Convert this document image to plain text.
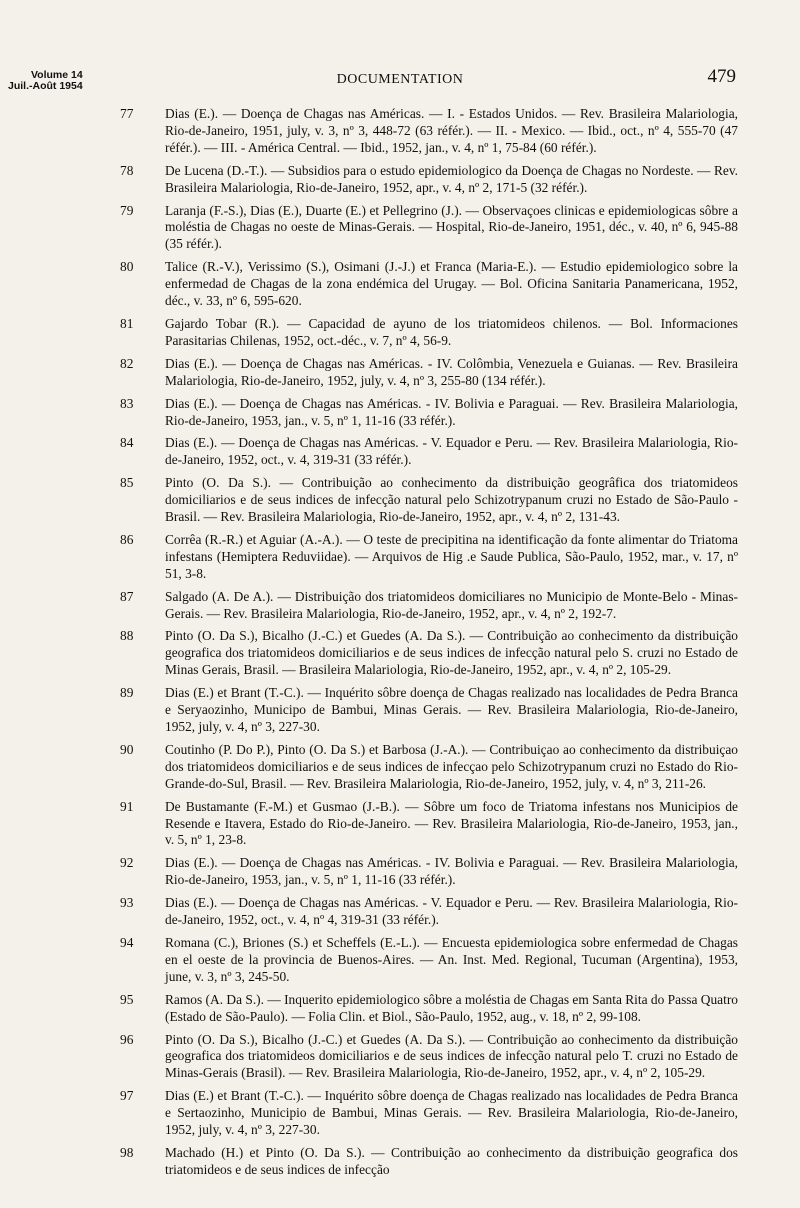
Volume 14
Juil.-Août 1954	DOCUMENTATION	479
77 Dias (E.). — Doença de Chagas nas Américas. — I. - Estados Unidos. — Rev. Brasileira Malariologia, Rio-de-Janeiro, 1951, july, v. 3, nº 3, 448-72 (63 référ.). — II. - Mexico. — Ibid., oct., nº 4, 555-70 (47 référ.). — III. - América Central. — Ibid., 1952, jan., v. 4, nº 1, 75-84 (60 référ.).
78 De Lucena (D.-T.). — Subsidios para o estudo epidemiologico da Doença de Chagas no Nordeste. — Rev. Brasileira Malariologia, Rio-de-Janeiro, 1952, apr., v. 4, nº 2, 171-5 (32 référ.).
79 Laranja (F.-S.), Dias (E.), Duarte (E.) et Pellegrino (J.). — Observaçoes clinicas e epidemiologicas sôbre a moléstia de Chagas no oeste de Minas-Gerais. — Hospital, Rio-de-Janeiro, 1951, déc., v. 40, nº 6, 945-88 (35 référ.).
80 Talice (R.-V.), Verissimo (S.), Osimani (J.-J.) et Franca (Maria-E.). — Estudio epidemiologico sobre la enfermedad de Chagas de la zona endémica del Urugay. — Bol. Oficina Sanitaria Panamericana, 1952, déc., v. 33, nº 6, 595-620.
81 Gajardo Tobar (R.). — Capacidad de ayuno de los triatomideos chilenos. — Bol. Informaciones Parasitarias Chilenas, 1952, oct.-déc., v. 7, nº 4, 56-9.
82 Dias (E.). — Doença de Chagas nas Américas. - IV. Colômbia, Venezuela e Guianas. — Rev. Brasileira Malariologia, Rio-de-Janeiro, 1952, july, v. 4, nº 3, 255-80 (134 référ.).
83 Dias (E.). — Doença de Chagas nas Américas. - IV. Bolivia e Paraguai. — Rev. Brasileira Malariologia, Rio-de-Janeiro, 1953, jan., v. 5, nº 1, 11-16 (33 référ.).
84 Dias (E.). — Doença de Chagas nas Américas. - V. Equador e Peru. — Rev. Brasileira Malariologia, Rio-de-Janeiro, 1952, oct., v. 4, 319-31 (33 référ.).
85 Pinto (O. Da S.). — Contribuição ao conhecimento da distribuição geogrâfica dos triatomideos domiciliarios e de seus indices de infecção natural pelo Schizotrypanum cruzi no Estado de São-Paulo - Brasil. — Rev. Brasileira Malariologia, Rio-de-Janeiro, 1952, apr., v. 4, nº 2, 131-43.
86 Corrêa (R.-R.) et Aguiar (A.-A.). — O teste de precipitina na identificação da fonte alimentar do Triatoma infestans (Hemiptera Reduviidae). — Arquivos de Hig .e Saude Publica, São-Paulo, 1952, mar., v. 17, nº 51, 3-8.
87 Salgado (A. De A.). — Distribuição dos triatomideos domiciliares no Municipio de Monte-Belo - Minas-Gerais. — Rev. Brasileira Malariologia, Rio-de-Janeiro, 1952, apr., v. 4, nº 2, 192-7.
88 Pinto (O. Da S.), Bicalho (J.-C.) et Guedes (A. Da S.). — Contribuição ao conhecimento da distribuição geografica dos triatomideos domiciliarios e de seus indices de infecção natural pelo S. cruzi no Estado de Minas Gerais, Brasil. — Brasileira Malariologia, Rio-de-Janeiro, 1952, apr., v. 4, nº 2, 105-29.
89 Dias (E.) et Brant (T.-C.). — Inquérito sôbre doença de Chagas realizado nas localidades de Pedra Branca e Seryaozinho, Municipo de Bambui, Minas Gerais. — Rev. Brasileira Malariologia, Rio-de-Janeiro, 1952, july, v. 4, nº 3, 227-30.
90 Coutinho (P. Do P.), Pinto (O. Da S.) et Barbosa (J.-A.). — Contribuiçao ao conhecimento da distribuiçao dos triatomideos domiciliarios e de seus indices de infecçao pelo Schizotrypanum cruzi no Estado do Rio-Grande-do-Sul, Brasil. — Rev. Brasileira Malariologia, Rio-de-Janeiro, 1952, july, v. 4, nº 3, 211-26.
91 De Bustamante (F.-M.) et Gusmao (J.-B.). — Sôbre um foco de Triatoma infestans nos Municipios de Resende e Itavera, Estado do Rio-de-Janeiro. — Rev. Brasileira Malariologia, Rio-de-Janeiro, 1953, jan., v. 5, nº 1, 23-8.
92 Dias (E.). — Doença de Chagas nas Américas. - IV. Bolivia e Paraguai. — Rev. Brasileira Malariologia, Rio-de-Janeiro, 1953, jan., v. 5, nº 1, 11-16 (33 référ.).
93 Dias (E.). — Doença de Chagas nas Américas. - V. Equador e Peru. — Rev. Brasileira Malariologia, Rio-de-Janeiro, 1952, oct., v. 4, nº 4, 319-31 (33 référ.).
94 Romana (C.), Briones (S.) et Scheffels (E.-L.). — Encuesta epidemiologica sobre enfermedad de Chagas en el oeste de la provincia de Buenos-Aires. — An. Inst. Med. Regional, Tucuman (Argentina), 1953, june, v. 3, nº 3, 245-50.
95 Ramos (A. Da S.). — Inquerito epidemiologico sôbre a moléstia de Chagas em Santa Rita do Passa Quatro (Estado de São-Paulo). — Folia Clin. et Biol., São-Paulo, 1952, aug., v. 18, nº 2, 99-108.
96 Pinto (O. Da S.), Bicalho (J.-C.) et Guedes (A. Da S.). — Contribuição ao conhecimento da distribuição geografica dos triatomideos domiciliarios e de seus indices de infecção natural pelo T. cruzi no Estado de Minas-Gerais (Brasil). — Rev. Brasileira Malariologia, Rio-de-Janeiro, 1952, apr., v. 4, nº 2, 105-29.
97 Dias (E.) et Brant (T.-C.). — Inquérito sôbre doença de Chagas realizado nas localidades de Pedra Branca e Sertaozinho, Municipio de Bambui, Minas Gerais. — Rev. Brasileira Malariologia, Rio-de-Janeiro, 1952, july, v. 4, nº 3, 227-30.
98 Machado (H.) et Pinto (O. Da S.). — Contribuição ao conhecimento da distribuição geografica dos triatomideos e de seus indices de infecção
